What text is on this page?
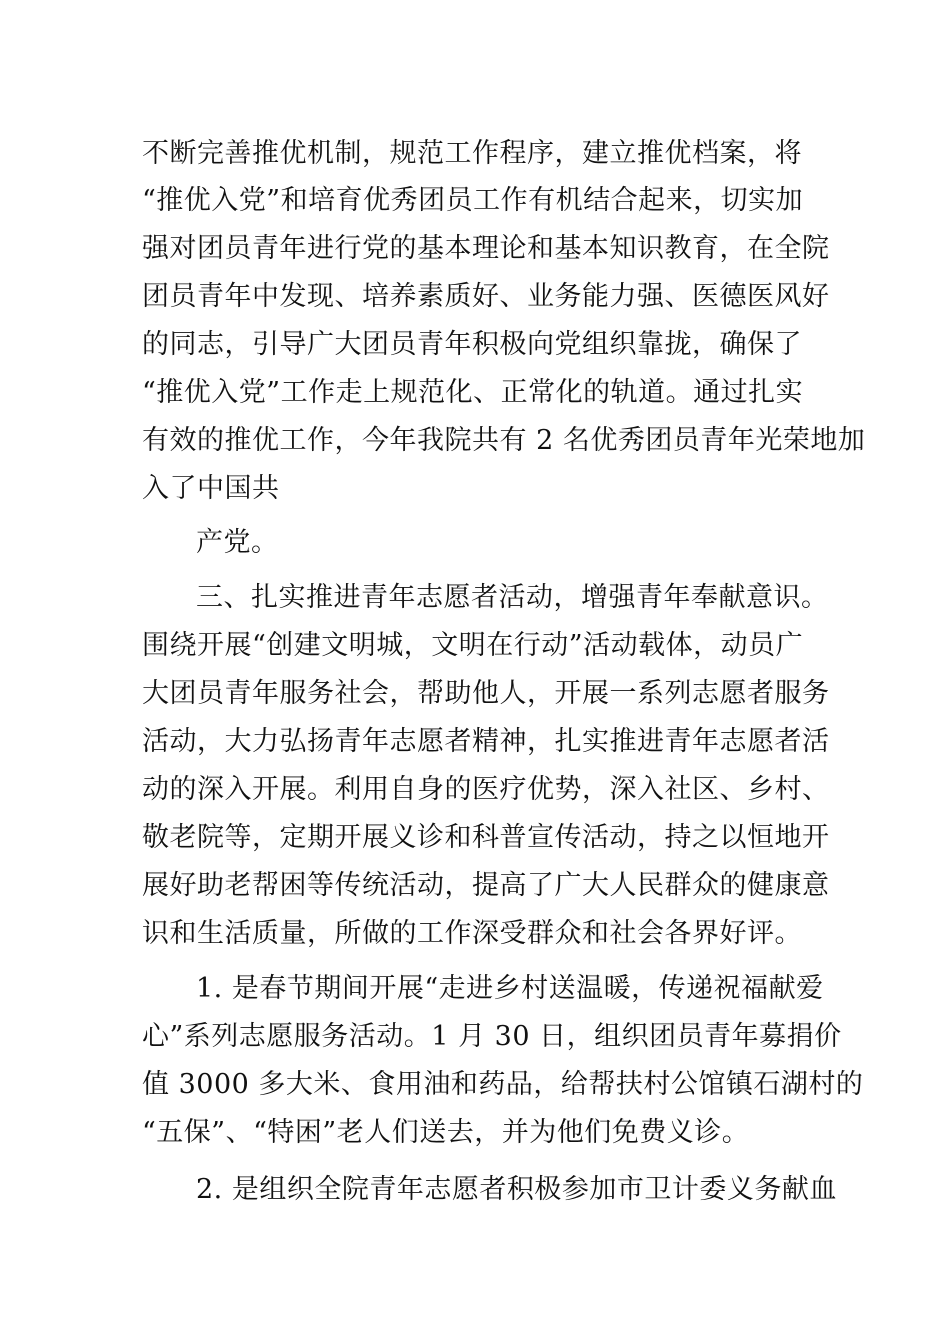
不断完善推优机制，规范工作程序，建立推优档案，将
“推优入党”和培育优秀团员工作有机结合起来，切实加
强对团员青年进行党的基本理论和基本知识教育，在全院
团员青年中发现、培养素质好、业务能力强、医德医风好
的同志，引导广大团员青年积极向党组织靠拢，确保了
“推优入党”工作走上规范化、正常化的轨道。通过扎实
有效的推优工作，今年我院共有 2 名优秀团员青年光荣地加
入了中国共
产党。
三、扎实推进青年志愿者活动，增强青年奉献意识。
围绕开展“创建文明城，文明在行动”活动载体，动员广
大团员青年服务社会，帮助他人，开展一系列志愿者服务
活动，大力弘扬青年志愿者精神，扎实推进青年志愿者活
动的深入开展。利用自身的医疗优势，深入社区、乡村、
敬老院等，定期开展义诊和科普宣传活动，持之以恒地开
展好助老帮困等传统活动，提高了广大人民群众的健康意
识和生活质量，所做的工作深受群众和社会各界好评。
1. 是春节期间开展“走进乡村送温暖，传递祝福献爱
心”系列志愿服务活动。1 月 30 日，组织团员青年募捐价
值 3000 多大米、食用油和药品，给帮扶村公馆镇石湖村的
“五保”、“特困”老人们送去，并为他们免费义诊。
2. 是组织全院青年志愿者积极参加市卫计委义务献血
